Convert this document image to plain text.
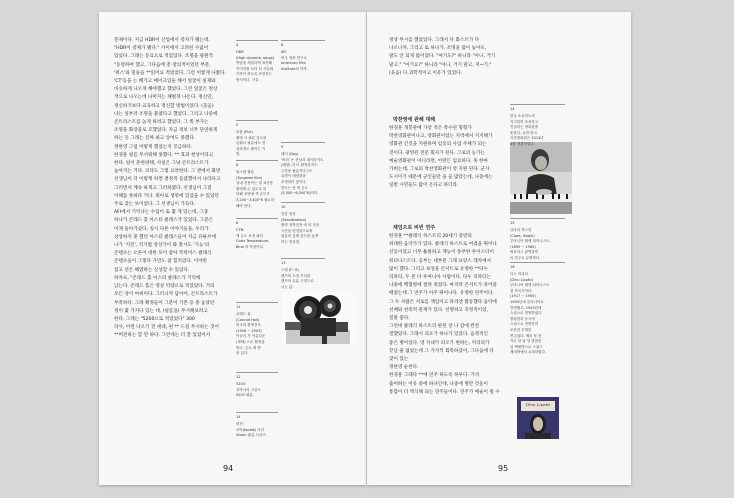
문제이다. 지금 HDR이 산업에서 강자가 됐는데,
"HDR이 강제가 됐다." 사이에서 고려된 수없이
있었다. 그래는 동료으로 적었었다. 조명을 광원적
"동영하여 했고, 그다음에 총 창의적이었던 부분,
'워스'와 밀돌을 **읽어요 적었었다. 그런 이렇게 나왔다.
'CT'등을 는 해가고 메이크업을 해서 얼굴이 실제와
비슷하게 나오게 해야했고 했었다. 그런 얼굴은 정상
색으로 나오는데 나머지는 채벌게 나온다. 정신연,
정신하기보다 교육하고 정신할 방법이었다. (웃음)
나는 일부러 조명을 붙였다고 했었다. 그리고 나중에
콘트라스트를 높게 하려고 했었다. 그 쪽 부가는
조명을 화장품로 모했었다. 자금 정보 너무 단연하게
하는 듯 그래는 진짜 최고 상여도 못했다.
정한영 그럼 어떻게 했었는지 궁금하다.
한경훈 필름 무서워해 못했다. ** 효과 현상이라고
한다. 일이 흔한양태, 사실은 그냥 콘트라스트가
높아지는 거다. 코닥도 그렇 요약한다. 그 앤에서 화면
선생님이 더 이렇게 하면 결정적 들였했어서 나라다고
그러면서 계속 하게고 그러하였다. 선생님이 그걸
이해를 못하다 거나. 워아로 생명에 있었을 수 있었던
주로 찾는 보이었다. 그 선생님이 가득다.
AFI에서 기억나는 수업이 또 몇 게 있는데, 그중
하나가 콘래드 홀 아스터 클래스가 있었다. 그분은
이제 돌아가셨다. 칭시 다른 이야기들을, 우리가
상상하지 못 했던 아스터 클래스들이 지금 유튜브에
나가 '지진', 적기법 영상가이 봐 찰시도 '가능'의
콘텐츠는 오른이 대한 모이 참아 폭력이스 클래식
콘텐츠들이 그렇다 가만도 참 힐치었다. 이야만
참고 선은 해였하는 신상할 수 있었다.
하자프, "콘래드 홀 아스터 클래스가 기억에
남는다. 콘래드 홀은 영상 역량으로 적었었다. 거의
모든 상이 여써이다. 그러니까 담아어, 콘트라스트가
부족하다. 그래 확정들이 그분이 기본 등 총 놓았던
정이 몇 가지다 있는 데, (필름을) 무시해보려고
한다. 그래는 "5200으로 적었었다" 300
라사, 이번 나오기 전 세대, 편 ** 드릴 무시하는 것이
**버전하는 할 만 하다. 그런데는 더 잘 있었어서
4
HDR
(High dynamic range)
명암을 세밀하게 표현해
이미지를 보다 더 사실에
가까이 하도록 표현하는
방식이다. 기술.
5
블룸 (Pull)
촬영 시 필름 감도를
낮춰서 필름에도 현
상과정도 줄이는 기
법.
6
텅스텐 필름
(Tungsten film)
실내 전용이는 및 표준용
촬영할 수 있도록 되
어해 조명에 색 온도가
3,200~3,400°K 필요하
해야 한다.
6
CTB:
색 온도 보정 필터
Color Temperature
Blue 의 약칭이다.
8
AFI
미국 영화 연구소
American Film
Institute의 약자.
9
데이 (Day)
'비의' 은 현상과 데이라이트
(태양) 과 더 촬영하지도
주간용 필름이다고도
유명이 태양광을
조명하더 맞이다
한도는 선 색 온도
(5,500~6,000°K)이다.
10
증감 현상
(Sensitization)
촬영 현방전을 에 의 현상
시간을 변경함으로써
필름의 실제 감도를 높게
하는 현상법.
13
스텝 (F~S)
렌즈의 초점 거리를
렌즈의 유효 구경으로
나눈 값.
11
콘래드 홀
(Conrad Hall)
미국의 촬영감독.
(1926 ~ 2003)
이들의 가 이름다운
(생략) 으로 촬영을
받고, 등도 획 받
을 있다.
12
5203:
코닥사의 고감도
5203 필름.
14
비전:
코닥(Kodak) 사의
Vision 필름 시리즈.
94
정상 무시를 했었었다. 그래서 다 화스트가 다
나오니까, 그리고 또 하나가, 조명을 많이 놓아도,
말도 안 되게 많이었다. "여기도?" 하니라 "아니, 거기
말고." "여기요?" 하니라 "아니, 거기 말고, 저~기."
(웃음) 다 과학적이고 이유가 있었다.
박찬영에 관해 대해
한경훈 개봉관에 가장 적은 촉수된 형형가
박찬영화관이나고, 영화관이었는 지역에서 지지해가
영화관 긴것을 지원하며 임동의 사업 주체가 되는
것이다. 광영된 전문 회사가 된다. 그로의 능가는
예술영화관이 아니라면, 어떤든 임료하다. 혹 한마
가벼는데, 그로의 박찬영화관이 영 지원 된다. 군사
도시이기 때문에 군인들만 을 들 많았는데, 나중에는
일반 시민들도 많이 온다고 하더라.
채임으로 비빈 연주
한경훈 **클래식 하스트리 20세기 중반의
위대한 음악가가 있다. 클래식 하스트로 여겼을 뛰어나
선동이었고 너무 훌륭하고 재능이 풍부한 루이스다이
워터나스트다. 공부는 대부분 그래 프랑스 레자에서
많이 했다. 그리고 보성을 콘서트로 유명한 **다누
리파티, 두 분 다 루마니아 사람이다. 다누 리파티는
나중에 백혈병에 걸려 죽었다. 마지막 콘서트가 죽어갈
때였는데 그 연주가 아주 뛰어나다. 유명한 연주이다.
그 두 사람은 서로를 재임이고 파리엔 활동했다 음악에
선배와 친족적 관계가 있다. 선명하고 직정적이었,
점말 좋다.
그런데 클래식 하스트리 판된 장 나 감에 완전
결했었다. 그래서 피오가 하나가 있었다. 음정적인
좋은 병이었다. 영 지내가 피오가 변하는, 커리의가
끝날 줄 없었는데 그 가지씩 회복하셨어, 그다음에 다
찾이 있는
정한영 순한다.
한경훈 그래다 **에 연주 하도록 하루다. 가지
출어하는 이유 중에 하나인데, 나중에 병만 것들이
통합이 더 엑식해 되는 연주들이다. 연주가 예술이 될 수
14
한국 소피리트에
지지하여 조선하고
건설하는 영화관을
뜻한다. 로만 잔국
지진영화관은 2014년
4월 개관하였다.
15
클라라 하스킬
(Clara, Haskil)
루마니아 태생 피아니스트.
(1895 ~ 1960)
명료하고 완벽하면
의 연주로 유명하다.
16
다누 리파티
(Dinu Lipatti)
루마니아 태생 피아니스트
겸 작곡가이다.
(1917 ~ 1950)
1940년에 루마니아로
망명했고, 1943년에
스위스로 망명하였다
할링함과 동시에
스위스로 망명하여
조용한 투명한
연주였다. 제리 볼 칸
거무 달 날 당 말씀한
뒤 백혈병으로 스위스
제네바에서 요절하였다.
Dinu Lipatti
95
